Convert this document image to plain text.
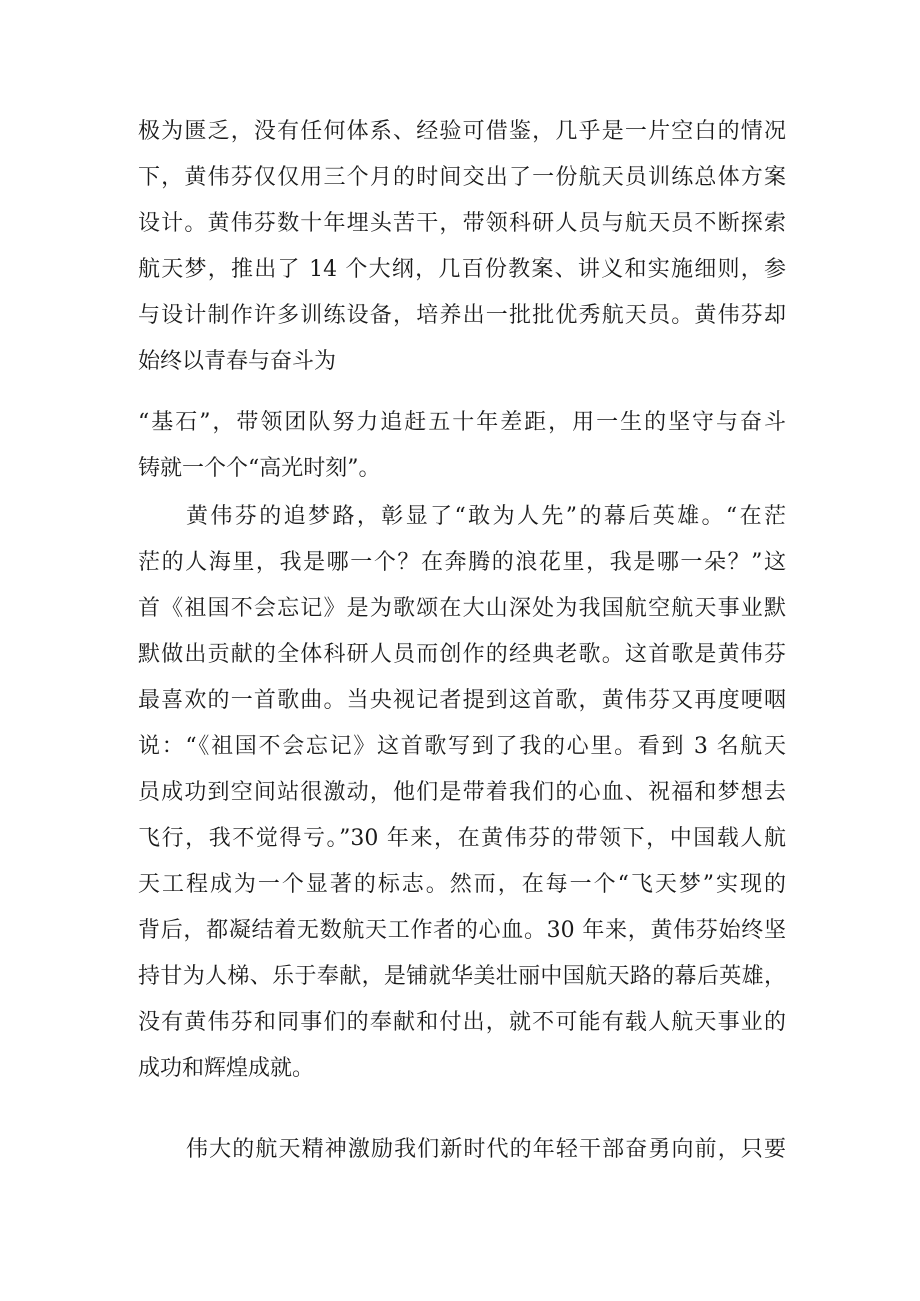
极为匮乏，没有任何体系、经验可借鉴，几乎是一片空白的情况
下，黄伟芬仅仅用三个月的时间交出了一份航天员训练总体方案
设计。黄伟芬数十年埋头苦干，带领科研人员与航天员不断探索
航天梦，推出了 14 个大纲，几百份教案、讲义和实施细则，参
与设计制作许多训练设备，培养出一批批优秀航天员。黄伟芬却
始终以青春与奋斗为
“基石”，带领团队努力追赶五十年差距，用一生的坚守与奋斗
铸就一个个“高光时刻”。
黄伟芬的追梦路，彰显了“敢为人先”的幕后英雄。“在茫
茫的人海里，我是哪一个？在奔腾的浪花里，我是哪一朵？”这
首《祖国不会忘记》是为歌颂在大山深处为我国航空航天事业默
默做出贡献的全体科研人员而创作的经典老歌。这首歌是黄伟芬
最喜欢的一首歌曲。当央视记者提到这首歌，黄伟芬又再度哽咽
说：“《祖国不会忘记》这首歌写到了我的心里。看到 3 名航天
员成功到空间站很激动，他们是带着我们的心血、祝福和梦想去
飞行，我不觉得亏。”30 年来，在黄伟芬的带领下，中国载人航
天工程成为一个显著的标志。然而，在每一个“飞天梦”实现的
背后，都凝结着无数航天工作者的心血。30 年来，黄伟芬始终坚
持甘为人梯、乐于奉献，是铺就华美壮丽中国航天路的幕后英雄，
没有黄伟芬和同事们的奉献和付出，就不可能有载人航天事业的
成功和辉煌成就。
伟大的航天精神激励我们新时代的年轻干部奋勇向前，只要
